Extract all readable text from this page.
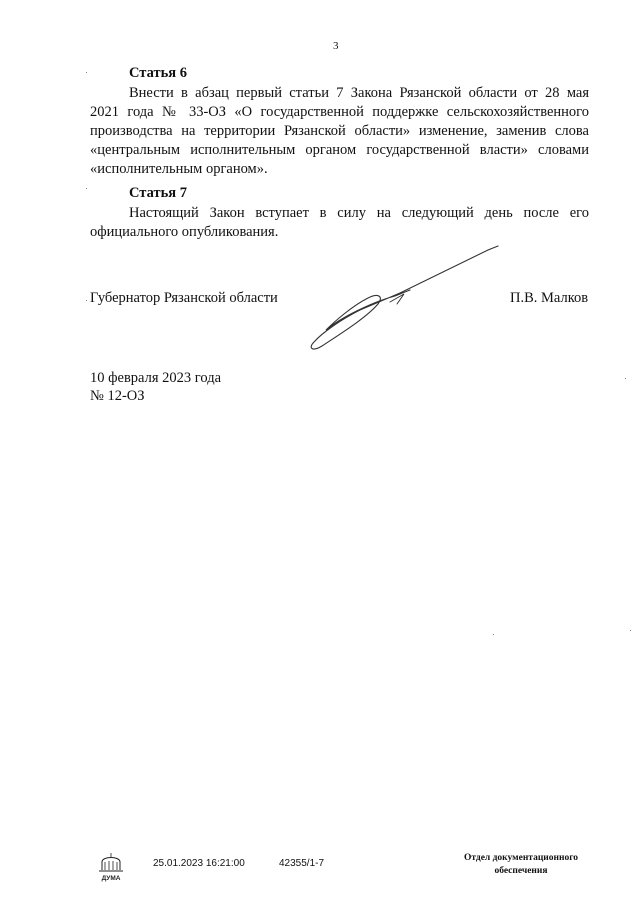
3
Статья 6
Внести в абзац первый статьи 7 Закона Рязанской области от 28 мая
2021 года № 33-ОЗ «О государственной поддержке сельскохозяйственного
производства на территории Рязанской области» изменение, заменив слова
«центральным исполнительным органом государственной власти» словами
«исполнительным органом».
Статья 7
Настоящий Закон вступает в силу на следующий день после его
официального опубликования.
Губернатор Рязанской области	П.В. Малков
10 февраля 2023 года
№ 12-ОЗ
ДУМА
25.01.2023 16:21:00	42355/1-7	Отдел документационного
обеспечения
